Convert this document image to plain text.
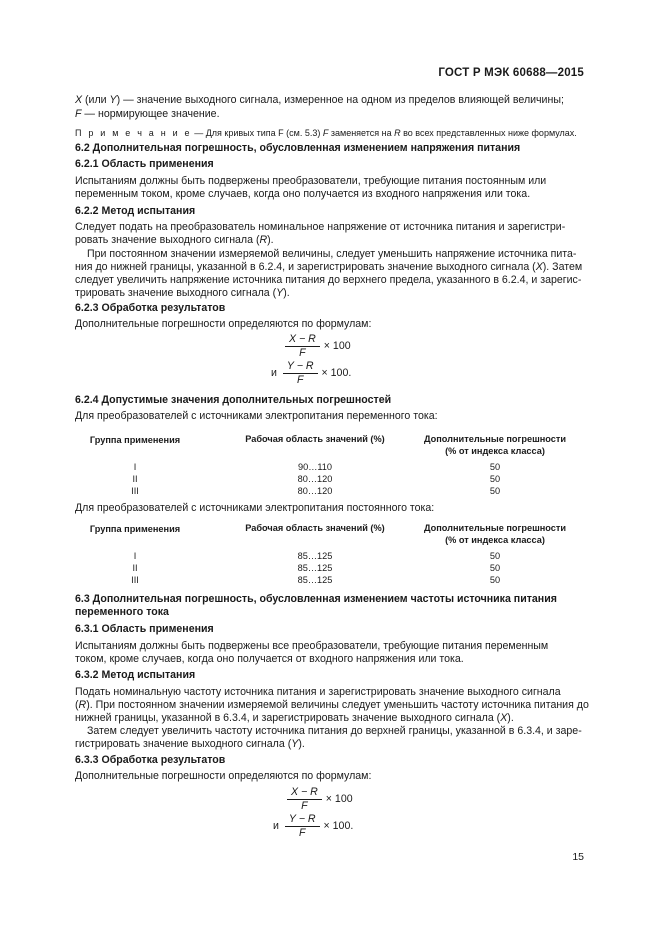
ГОСТ Р МЭК 60688—2015
X (или Y) — значение выходного сигнала, измеренное на одном из пределов влияющей величины;
F — нормирующее значение.
П р и м е ч а н и е — Для кривых типа F (см. 5.3) F заменяется на R во всех представленных ниже формулах.
6.2 Дополнительная погрешность, обусловленная изменением напряжения питания
6.2.1 Область применения
Испытаниям должны быть подвержены преобразователи, требующие питания постоянным или
переменным током, кроме случаев, когда оно получается из входного напряжения или тока.
6.2.2 Метод испытания
Следует подать на преобразователь номинальное напряжение от источника питания и зарегистри-
ровать значение выходного сигнала (R).
При постоянном значении измеряемой величины, следует уменьшить напряжение источника пита-
ния до нижней границы, указанной в 6.2.4, и зарегистрировать значение выходного сигнала (X). Затем
следует увеличить напряжение источника питания до верхнего предела, указанного в 6.2.4, и зарегис-
трировать значение выходного сигнала (Y).
6.2.3 Обработка результатов
Дополнительные погрешности определяются по формулам:
$\frac{X - R}{F} \times 100$
и $\frac{Y - R}{F} \times 100$.
6.2.4 Допустимые значения дополнительных погрешностей
Для преобразователей с источниками электропитания переменного тока:
Группа применения	Рабочая область значений (%)	Дополнительные погрешности
(% от индекса класса)
I	90…110	50
II	80…120	50
III	80…120	50
Для преобразователей с источниками электропитания постоянного тока:
Группа применения	Рабочая область значений (%)	Дополнительные погрешности
(% от индекса класса)
I	85…125	50
II	85…125	50
III	85…125	50
6.3 Дополнительная погрешность, обусловленная изменением частоты источника питания
переменного тока
6.3.1 Область применения
Испытаниям должны быть подвержены все преобразователи, требующие питания переменным
током, кроме случаев, когда оно получается от входного напряжения или тока.
6.3.2 Метод испытания
Подать номинальную частоту источника питания и зарегистрировать значение выходного сигнала
(R). При постоянном значении измеряемой величины следует уменьшить частоту источника питания до
нижней границы, указанной в 6.3.4, и зарегистрировать значение выходного сигнала (X).
Затем следует увеличить частоту источника питания до верхней границы, указанной в 6.3.4, и заре-
гистрировать значение выходного сигнала (Y).
6.3.3 Обработка результатов
Дополнительные погрешности определяются по формулам:
$\frac{X - R}{F} \times 100$
и $\frac{Y - R}{F} \times 100$.
15
